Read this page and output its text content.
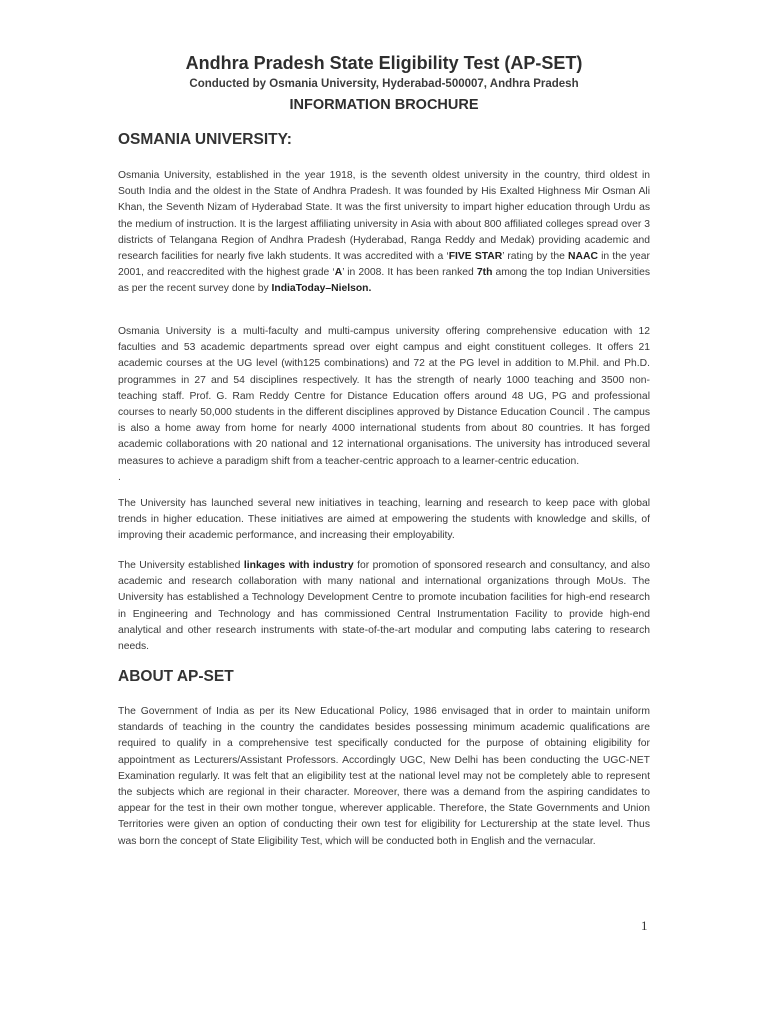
Andhra Pradesh State Eligibility Test (AP-SET)
Conducted by Osmania University, Hyderabad-500007, Andhra Pradesh
INFORMATION BROCHURE
OSMANIA UNIVERSITY:
Osmania University, established in the year 1918, is the seventh oldest university in the country, third oldest in South India and the oldest in the State of Andhra Pradesh. It was founded by His Exalted Highness Mir Osman Ali Khan, the Seventh Nizam of Hyderabad State. It was the first university to impart higher education through Urdu as the medium of instruction. It is the largest affiliating university in Asia with about 800 affiliated colleges spread over 3 districts of Telangana Region of Andhra Pradesh (Hyderabad, Ranga Reddy and Medak) providing academic and research facilities for nearly five lakh students. It was accredited with a ‘FIVE STAR’ rating by the NAAC in the year 2001, and reaccredited with the highest grade ‘A’ in 2008. It has been ranked 7th among the top Indian Universities as per the recent survey done by IndiaToday–Nielson.
Osmania University is a multi-faculty and multi-campus university offering comprehensive education with 12 faculties and 53 academic departments spread over eight campus and eight constituent colleges. It offers 21 academic courses at the UG level (with125 combinations) and 72 at the PG level in addition to M.Phil. and Ph.D. programmes in 27 and 54 disciplines respectively. It has the strength of nearly 1000 teaching and 3500 non-teaching staff. Prof. G. Ram Reddy Centre for Distance Education offers around 48 UG, PG and professional courses to nearly 50,000 students in the different disciplines approved by Distance Education Council . The campus is also a home away from home for nearly 4000 international students from about 80 countries. It has forged academic collaborations with 20 national and 12 international organisations. The university has introduced several measures to achieve a paradigm shift from a teacher-centric approach to a learner-centric education.
.
The University has launched several new initiatives in teaching, learning and research to keep pace with global trends in higher education. These initiatives are aimed at empowering the students with knowledge and skills, of improving their academic performance, and increasing their employability.
The University established linkages with industry for promotion of sponsored research and consultancy, and also academic and research collaboration with many national and international organizations through MoUs. The University has established a Technology Development Centre to promote incubation facilities for high-end research in Engineering and Technology and has commissioned Central Instrumentation Facility to provide high-end analytical and other research instruments with state-of-the-art modular and computing labs catering to research needs.
ABOUT AP-SET
The Government of India as per its New Educational Policy, 1986 envisaged that in order to maintain uniform standards of teaching in the country the candidates besides possessing minimum academic qualifications are required to qualify in a comprehensive test specifically conducted for the purpose of obtaining eligibility for appointment as Lecturers/Assistant Professors. Accordingly UGC, New Delhi has been conducting the UGC-NET Examination regularly. It was felt that an eligibility test at the national level may not be completely able to represent the subjects which are regional in their character. Moreover, there was a demand from the aspiring candidates to appear for the test in their own mother tongue, wherever applicable. Therefore, the State Governments and Union Territories were given an option of conducting their own test for eligibility for Lecturership at the state level. Thus was born the concept of State Eligibility Test, which will be conducted both in English and the vernacular.
1
